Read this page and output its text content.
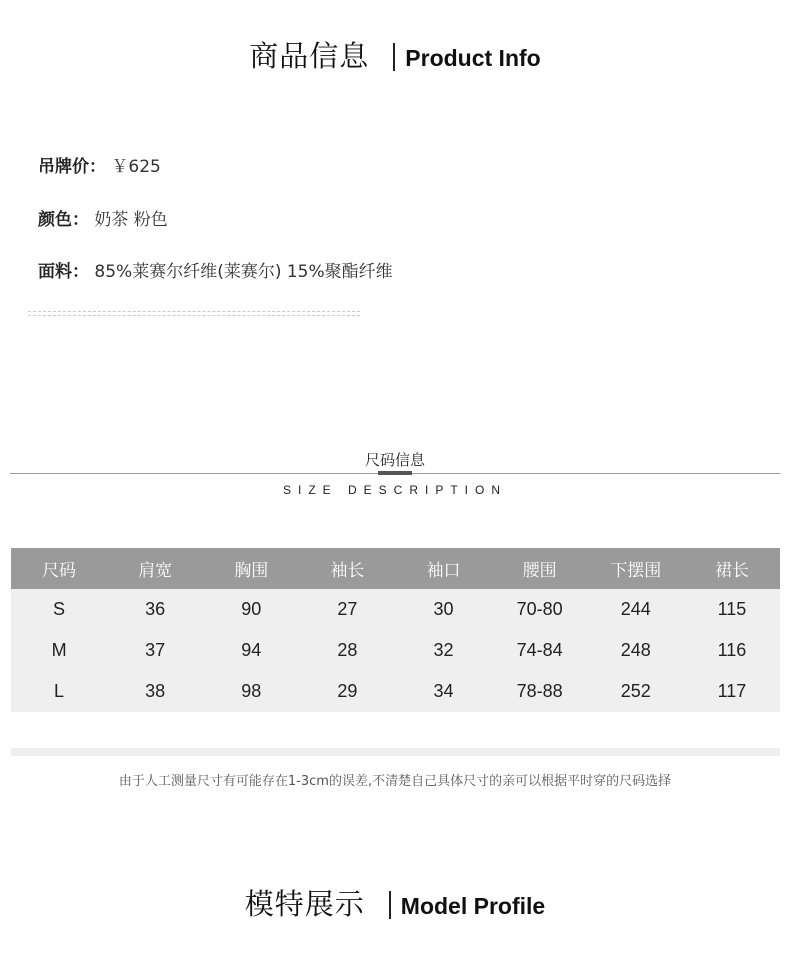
商品信息 Product Info
吊牌价： ￥625
颜色： 奶茶 粉色
面料： 85%莱赛尔纤维(莱赛尔) 15%聚酯纤维
尺码信息
SIZE DESCRIPTION
尺码	肩宽	胸围	袖长	袖口	腰围	下摆围	裙长
S	36	90	27	30	70-80	244	115
M	37	94	28	32	74-84	248	116
L	38	98	29	34	78-88	252	117
由于人工测量尺寸有可能存在1-3cm的误差,不清楚自己具体尺寸的亲可以根据平时穿的尺码选择
模特展示 Model Profile
